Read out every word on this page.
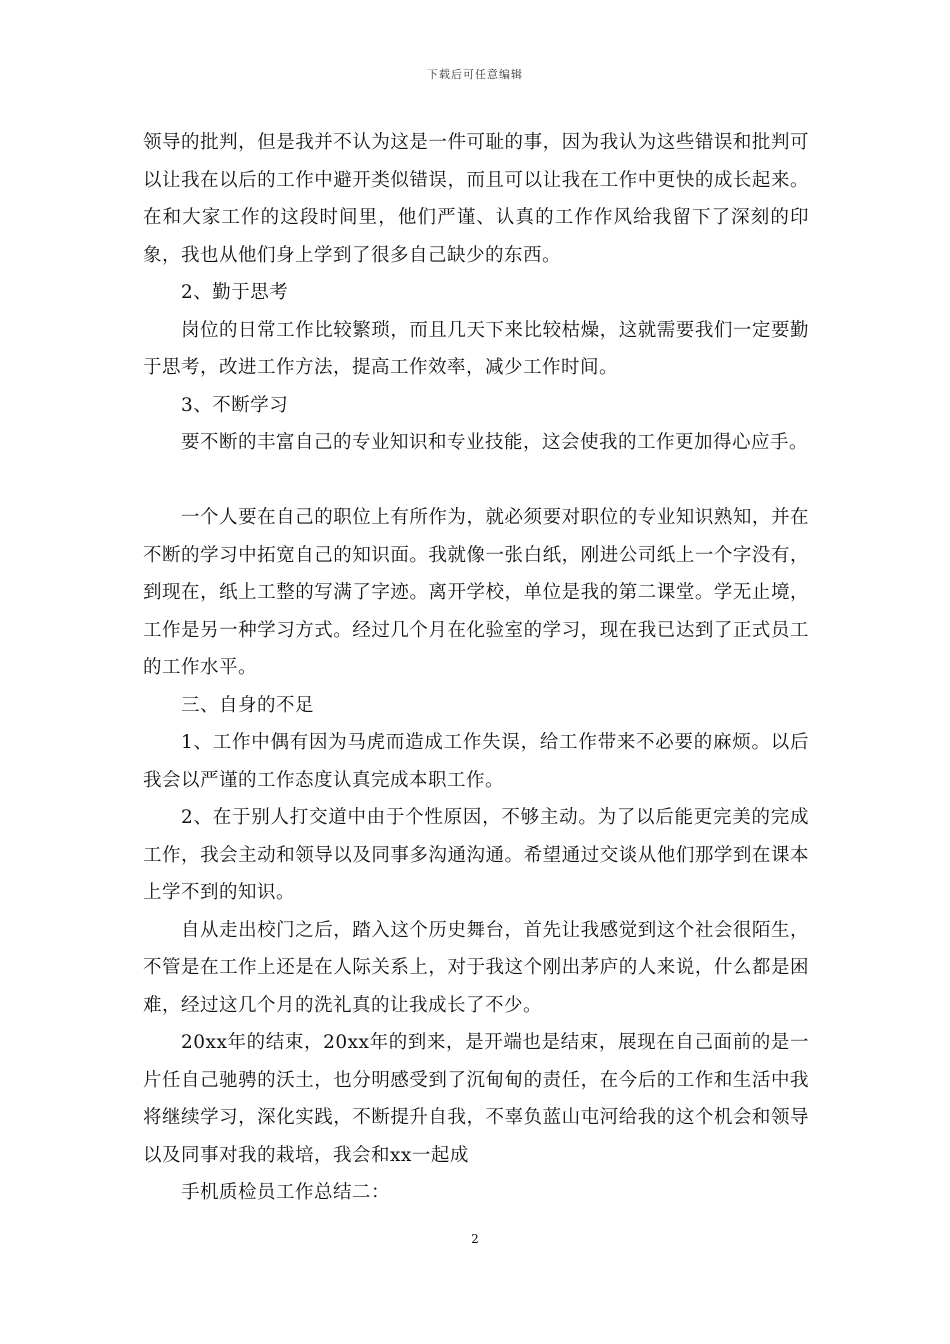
下载后可任意编辑

领导的批判，但是我并不认为这是一件可耻的事，因为我认为这些错误和批判可以让我在以后的工作中避开类似错误，而且可以让我在工作中更快的成长起来。在和大家工作的这段时间里，他们严谨、认真的工作作风给我留下了深刻的印象，我也从他们身上学到了很多自己缺少的东西。

2、勤于思考

岗位的日常工作比较繁琐，而且几天下来比较枯燥，这就需要我们一定要勤于思考，改进工作方法，提高工作效率，减少工作时间。

3、不断学习

要不断的丰富自己的专业知识和专业技能，这会使我的工作更加得心应手。

一个人要在自己的职位上有所作为，就必须要对职位的专业知识熟知，并在不断的学习中拓宽自己的知识面。我就像一张白纸，刚进公司纸上一个字没有，到现在，纸上工整的写满了字迹。离开学校，单位是我的第二课堂。学无止境，工作是另一种学习方式。经过几个月在化验室的学习，现在我已达到了正式员工的工作水平。

三、自身的不足

1、工作中偶有因为马虎而造成工作失误，给工作带来不必要的麻烦。以后我会以严谨的工作态度认真完成本职工作。

2、在于别人打交道中由于个性原因，不够主动。为了以后能更完美的完成工作，我会主动和领导以及同事多沟通沟通。希望通过交谈从他们那学到在课本上学不到的知识。

自从走出校门之后，踏入这个历史舞台，首先让我感觉到这个社会很陌生，不管是在工作上还是在人际关系上，对于我这个刚出茅庐的人来说，什么都是困难，经过这几个月的洗礼真的让我成长了不少。

20xx年的结束，20xx年的到来，是开端也是结束，展现在自己面前的是一片任自己驰骋的沃土，也分明感受到了沉甸甸的责任，在今后的工作和生活中我将继续学习，深化实践，不断提升自我，不辜负蓝山屯河给我的这个机会和领导以及同事对我的栽培，我会和xx一起成

手机质检员工作总结二：

2
